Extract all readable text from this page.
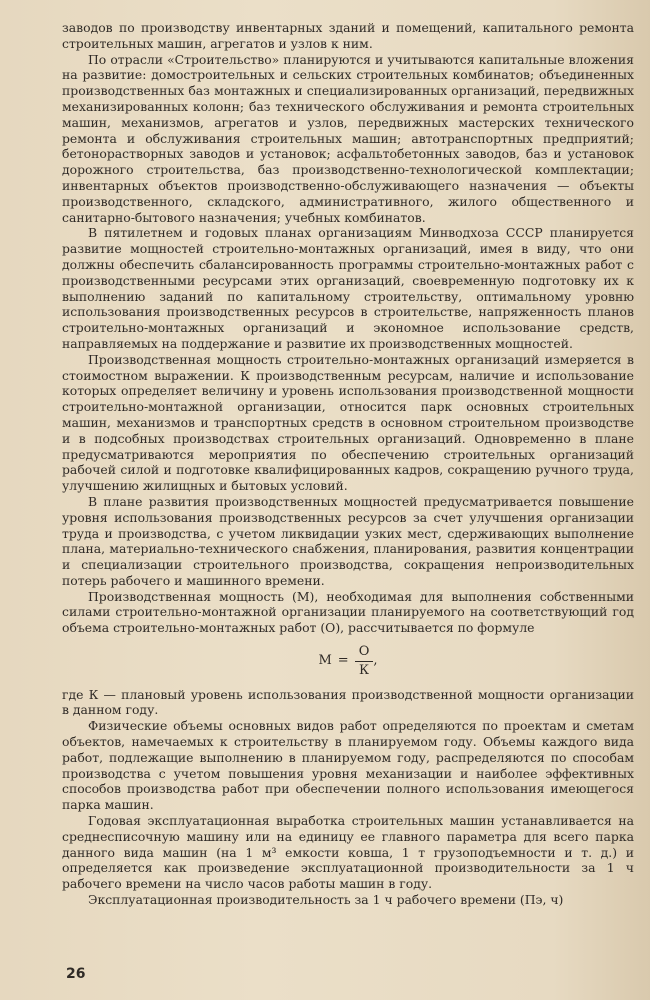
заводов по производству инвентарных зданий и помещений, капитального ремонта строительных машин, агрегатов и узлов к ним.

По отрасли «Строительство» планируются и учитываются капитальные вложения на развитие: домостроительных и сельских строительных комбинатов; объединенных производственных баз монтажных и специализированных организаций, передвижных механизированных колонн; баз технического обслуживания и ремонта строительных машин, механизмов, агрегатов и узлов, передвижных мастерских технического ремонта и обслуживания строительных машин; автотранспортных предприятий; бетонорастворных заводов и установок; асфальтобетонных заводов, баз и установок дорожного строительства, баз производственно-технологической комплектации; инвентарных объектов производственно-обслуживающего назначения — объекты производственного, складского, административного, жилого общественного и санитарно-бытового назначения; учебных комбинатов.

В пятилетнем и годовых планах организациям Минводхоза СССР планируется развитие мощностей строительно-монтажных организаций, имея в виду, что они должны обеспечить сбалансированность программы строительно-монтажных работ с производственными ресурсами этих организаций, своевременную подготовку их к выполнению заданий по капитальному строительству, оптимальному уровню использования производственных ресурсов в строительстве, напряженность планов строительно-монтажных организаций и экономное использование средств, направляемых на поддержание и развитие их производственных мощностей.

Производственная мощность строительно-монтажных организаций измеряется в стоимостном выражении. К производственным ресурсам, наличие и использование которых определяет величину и уровень использования производственной мощности строительно-монтажной организации, относится парк основных строительных машин, механизмов и транспортных средств в основном строительном производстве и в подсобных производствах строительных организаций. Одновременно в плане предусматриваются мероприятия по обеспечению строительных организаций рабочей силой и подготовке квалифицированных кадров, сокращению ручного труда, улучшению жилищных и бытовых условий.

В плане развития производственных мощностей предусматривается повышение уровня использования производственных ресурсов за счет улучшения организации труда и производства, с учетом ликвидации узких мест, сдерживающих выполнение плана, материально-технического снабжения, планирования, развития концентрации и специализации строительного производства, сокращения непроизводительных потерь рабочего и машинного времени.

Производственная мощность (М), необходимая для выполнения собственными силами строительно-монтажной организации планируемого на соответствующий год объема строительно-монтажных работ (О), рассчитывается по формуле

$М = \frac{О}{К}$ ,

где К — плановый уровень использования производственной мощности организации в данном году.

Физические объемы основных видов работ определяются по проектам и сметам объектов, намечаемых к строительству в планируемом году. Объемы каждого вида работ, подлежащие выполнению в планируемом году, распределяются по способам производства с учетом повышения уровня механизации и наиболее эффективных способов производства работ при обеспечении полного использования имеющегося парка машин.

Годовая эксплуатационная выработка строительных машин устанавливается на среднесписочную машину или на единицу ее главного параметра для всего парка данного вида машин (на 1 м³ емкости ковша, 1 т грузоподъемности и т. д.) и определяется как произведение эксплуатационной производительности за 1 ч рабочего времени на число часов работы машин в году.

Эксплуатационная производительность за 1 ч рабочего времени (Пэ, ч)

26
